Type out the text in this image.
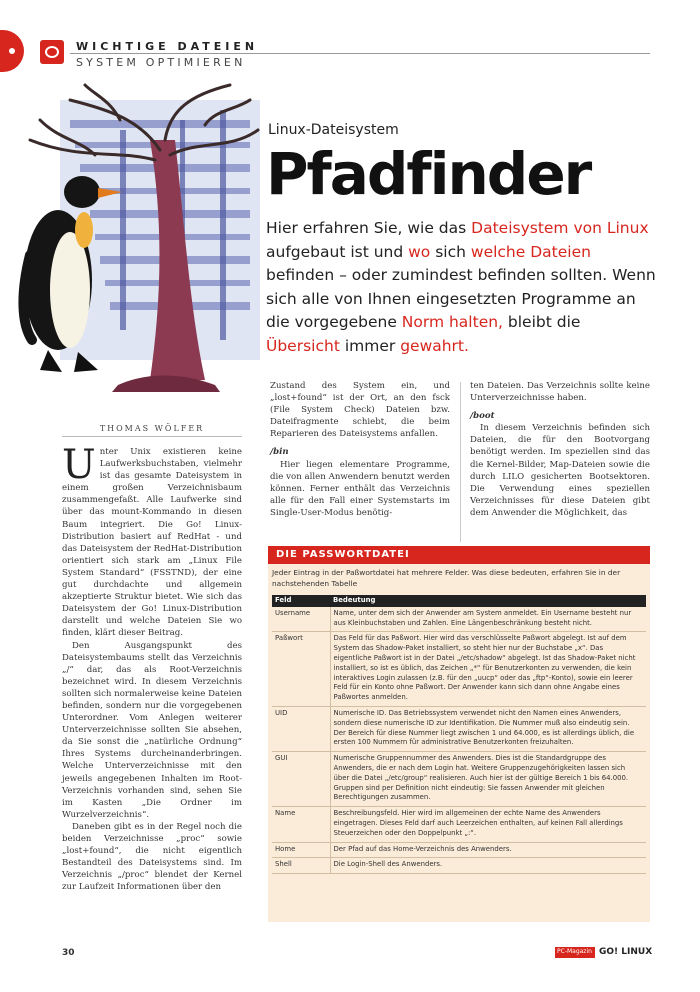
WICHTIGE DATEIEN
SYSTEM OPTIMIEREN
Linux-Dateisystem
Pfadfinder
Hier erfahren Sie, wie das Dateisystem von Linux aufgebaut ist und wo sich welche Dateien befinden – oder zumindest befinden sollten. Wenn sich alle von Ihnen eingesetzten Programme an die vorgegebene Norm halten, bleibt die Übersicht immer gewahrt.
THOMAS WÖLFER

Unter Unix existieren keine Laufwerksbuchstaben, vielmehr ist das gesamte Dateisystem in einem großen Verzeichnisbaum zusammengefaßt. Alle Laufwerke sind über das mount-Kommando in diesen Baum integriert. Die Go! Linux-Distribution basiert auf RedHat - und das Dateisystem der RedHat-Distribution orientiert sich stark am „Linux File System Standard“ (FSSTND), der eine gut durchdachte und allgemein akzeptierte Struktur bietet. Wie sich das Dateisystem der Go! Linux-Distribution darstellt und welche Dateien Sie wo finden, klärt dieser Beitrag.

Den Ausgangspunkt des Dateisystembaums stellt das Verzeichnis „/“ dar, das als Root-Verzeichnis bezeichnet wird. In diesem Verzeichnis sollten sich normalerweise keine Dateien befinden, sondern nur die vorgegebenen Unterordner. Vom Anlegen weiterer Unterverzeichnisse sollten Sie absehen, da Sie sonst die „natürliche Ordnung“ Ihres Systems durcheinanderbringen. Welche Unterverzeichnisse mit den jeweils angegebenen Inhalten im Root-Verzeichnis vorhanden sind, sehen Sie im Kasten „Die Ordner im Wurzelverzeichnis“.

Daneben gibt es in der Regel noch die beiden Verzeichnisse „proc“ sowie „lost+found“, die nicht eigentlich Bestandteil des Dateisystems sind. Im Verzeichnis „/proc“ blendet der Kernel zur Laufzeit Informationen über den

Zustand des System ein, und „lost+found“ ist der Ort, an den fsck (File System Check) Dateien bzw. Dateifragmente schiebt, die beim Reparieren des Dateisystems anfallen.

/bin

Hier liegen elementare Programme, die von allen Anwendern benutzt werden können. Ferner enthält das Verzeichnis alle für den Fall einer Systemstarts im Single-User-Modus benötig-

ten Dateien. Das Verzeichnis sollte keine Unterverzeichnisse haben.

/boot

In diesem Verzeichnis befinden sich Dateien, die für den Bootvorgang benötigt werden. Im speziellen sind das die Kernel-Bilder, Map-Dateien sowie die durch LILO gesicherten Bootsektoren. Die Verwendung eines speziellen Verzeichnisses für diese Dateien gibt dem Anwender die Möglichkeit, das

DIE PASSWORTDATEI
Jeder Eintrag in der Paßwortdatei hat mehrere Felder. Was diese bedeuten, erfahren Sie in der nachstehenden Tabelle
Feld	Bedeutung
Username	Name, unter dem sich der Anwender am System anmeldet. Ein Username besteht nur aus Kleinbuchstaben und Zahlen. Eine Längenbeschränkung besteht nicht.
Paßwort	Das Feld für das Paßwort. Hier wird das verschlüsselte Paßwort abgelegt. Ist auf dem System das Shadow-Paket installiert, so steht hier nur der Buchstabe „x“. Das eigentliche Paßwort ist in der Datei „/etc/shadow“ abgelegt. Ist das Shadow-Paket nicht installiert, so ist es üblich, das Zeichen „*“ für Benutzerkonten zu verwenden, die kein interaktives Login zulassen (z.B. für den „uucp“ oder das „ftp“-Konto), sowie ein leerer Feld für ein Konto ohne Paßwort. Der Anwender kann sich dann ohne Angabe eines Paßwortes anmelden.
UID	Numerische ID. Das Betriebssystem verwendet nicht den Namen eines Anwenders, sondern diese numerische ID zur Identifikation. Die Nummer muß also eindeutig sein. Der Bereich für diese Nummer liegt zwischen 1 und 64.000, es ist allerdings üblich, die ersten 100 Nummern für administrative Benutzerkonten freizuhalten.
GUI	Numerische Gruppennummer des Anwenders. Dies ist die Standardgruppe des Anwenders, die er nach dem Login hat. Weitere Gruppenzugehörigkeiten lassen sich über die Datei „/etc/group“ realisieren. Auch hier ist der gültige Bereich 1 bis 64.000. Gruppen sind per Definition nicht eindeutig: Sie fassen Anwender mit gleichen Berechtigungen zusammen.
Name	Beschreibungsfeld. Hier wird im allgemeinen der echte Name des Anwenders eingetragen. Dieses Feld darf auch Leerzeichen enthalten, auf keinen Fall allerdings Steuerzeichen oder den Doppelpunkt „:“.
Home	Der Pfad auf das Home-Verzeichnis des Anwenders.
Shell	Die Login-Shell des Anwenders.
30	PC-Magazin GO! LINUX
